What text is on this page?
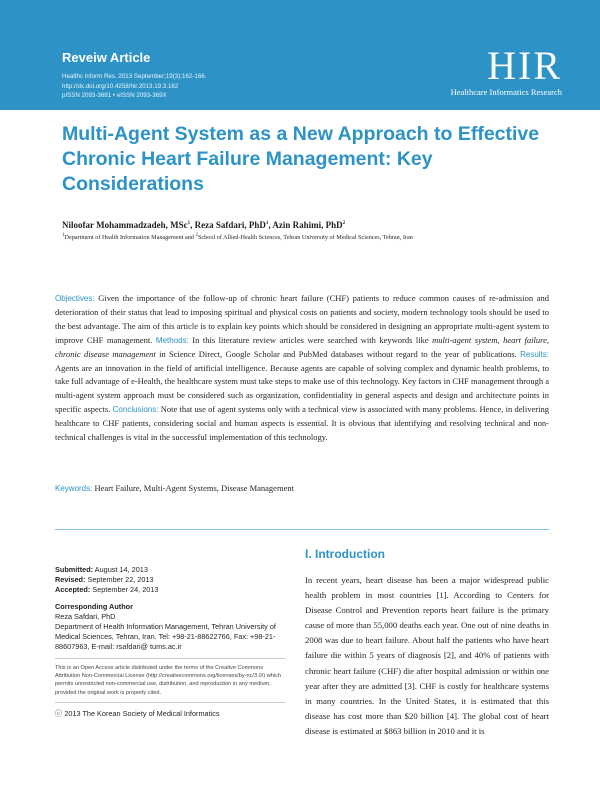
Reveiw Article
Healthc Inform Res. 2013 September;19(3):162-166.
http://dx.doi.org/10.4258/hir.2013.19.3.162
pISSN 2093-3681 • eISSN 2093-369X
HIR
Healthcare Informatics Research
Multi-Agent System as a New Approach to Effective Chronic Heart Failure Management: Key Considerations
Niloofar Mohammadzadeh, MSc$^1$, Reza Safdari, PhD$^1$, Azin Rahimi, PhD$^2$
$^1$Department of Health Information Management and $^2$School of Allied-Health Sciences, Tehran University of Medical Sciences, Tehran, Iran
Objectives: Given the importance of the follow-up of chronic heart failure (CHF) patients to reduce common causes of re-admission and deterioration of their status that lead to imposing spiritual and physical costs on patients and society, modern technology tools should be used to the best advantage. The aim of this article is to explain key points which should be considered in designing an appropriate multi-agent system to improve CHF management. Methods: In this literature review articles were searched with keywords like multi-agent system, heart failure, chronic disease management in Science Direct, Google Scholar and PubMed databases without regard to the year of publications. Results: Agents are an innovation in the field of artificial intelligence. Because agents are capable of solving complex and dynamic health problems, to take full advantage of e-Health, the healthcare system must take steps to make use of this technology. Key factors in CHF management through a multi-agent system approach must be considered such as organization, confidentiality in general aspects and design and architecture points in specific aspects. Conclusions: Note that use of agent systems only with a technical view is associated with many problems. Hence, in delivering healthcare to CHF patients, considering social and human aspects is essential. It is obvious that identifying and resolving technical and non-technical challenges is vital in the successful implementation of this technology.
Keywords: Heart Failure, Multi-Agent Systems, Disease Management

Submitted: August 14, 2013

Revised: September 22, 2013

Accepted: September 24, 2013

Corresponding Author
Reza Safdari, PhD
Department of Health Information Management, Tehran University of Medical Sciences, Tehran, Iran. Tel: +98-21-88622766, Fax: +98-21-88607963, E-mail: rsafdari@ tums.ac.ir
This is an Open Access article distributed under the terms of the Creative Commons Attribution Non-Commercial License (http://creativecommons.org/licenses/by-nc/3.0/) which permits unrestricted non-commercial use, distribution, and reproduction in any medium, provided the original work is properly cited.
ⓒ 2013 The Korean Society of Medical Informatics
I. Introduction

In recent years, heart disease has been a major widespread public health problem in most countries [1]. According to Centers for Disease Control and Prevention reports heart failure is the primary cause of more than 55,000 deaths each year. One out of nine deaths in 2008 was due to heart failure. About half the patients who have heart failure die within 5 years of diagnosis [2], and 40% of patients with chronic heart failure (CHF) die after hospital admission or within one year after they are admitted [3]. CHF is costly for healthcare systems in many countries. In the United States, it is estimated that this disease has cost more than $20 billion [4]. The global cost of heart disease is estimated at $863 billion in 2010 and it is
